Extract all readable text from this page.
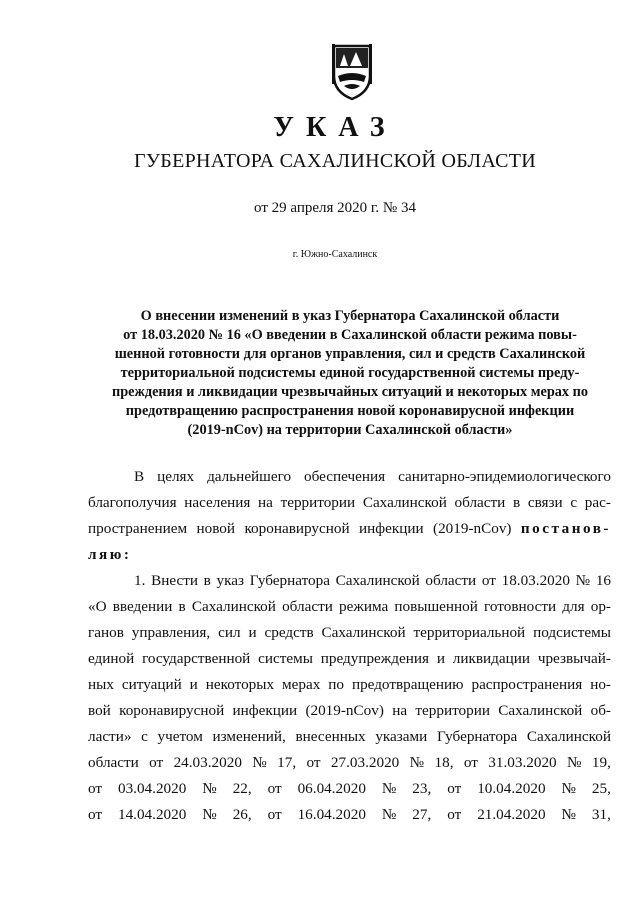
УКАЗ
ГУБЕРНАТОРА САХАЛИНСКОЙ ОБЛАСТИ
от 29 апреля 2020 г. № 34
г. Южно-Сахалинск
О внесении изменений в указ Губернатора Сахалинской области
от 18.03.2020 № 16 «О введении в Сахалинской области режима повы-
шенной готовности для органов управления, сил и средств Сахалинской
территориальной подсистемы единой государственной системы преду-
преждения и ликвидации чрезвычайных ситуаций и некоторых мерах по
предотвращению распространения новой коронавирусной инфекции
(2019-nCov) на территории Сахалинской области»
В целях дальнейшего обеспечения санитарно-эпидемиологического
благополучия населения на территории Сахалинской области в связи с рас-
пространением новой коронавирусной инфекции (2019-nCov) постанов-
ляю:
1. Внести в указ Губернатора Сахалинской области от 18.03.2020 № 16
«О введении в Сахалинской области режима повышенной готовности для ор-
ганов управления, сил и средств Сахалинской территориальной подсистемы
единой государственной системы предупреждения и ликвидации чрезвычай-
ных ситуаций и некоторых мерах по предотвращению распространения но-
вой коронавирусной инфекции (2019-nCov) на территории Сахалинской об-
ласти» с учетом изменений, внесенных указами Губернатора Сахалинской
области от 24.03.2020 № 17, от 27.03.2020 № 18, от 31.03.2020 № 19,
от 03.04.2020 № 22, от 06.04.2020 № 23, от 10.04.2020 № 25,
от 14.04.2020 № 26, от 16.04.2020 № 27, от 21.04.2020 № 31,
